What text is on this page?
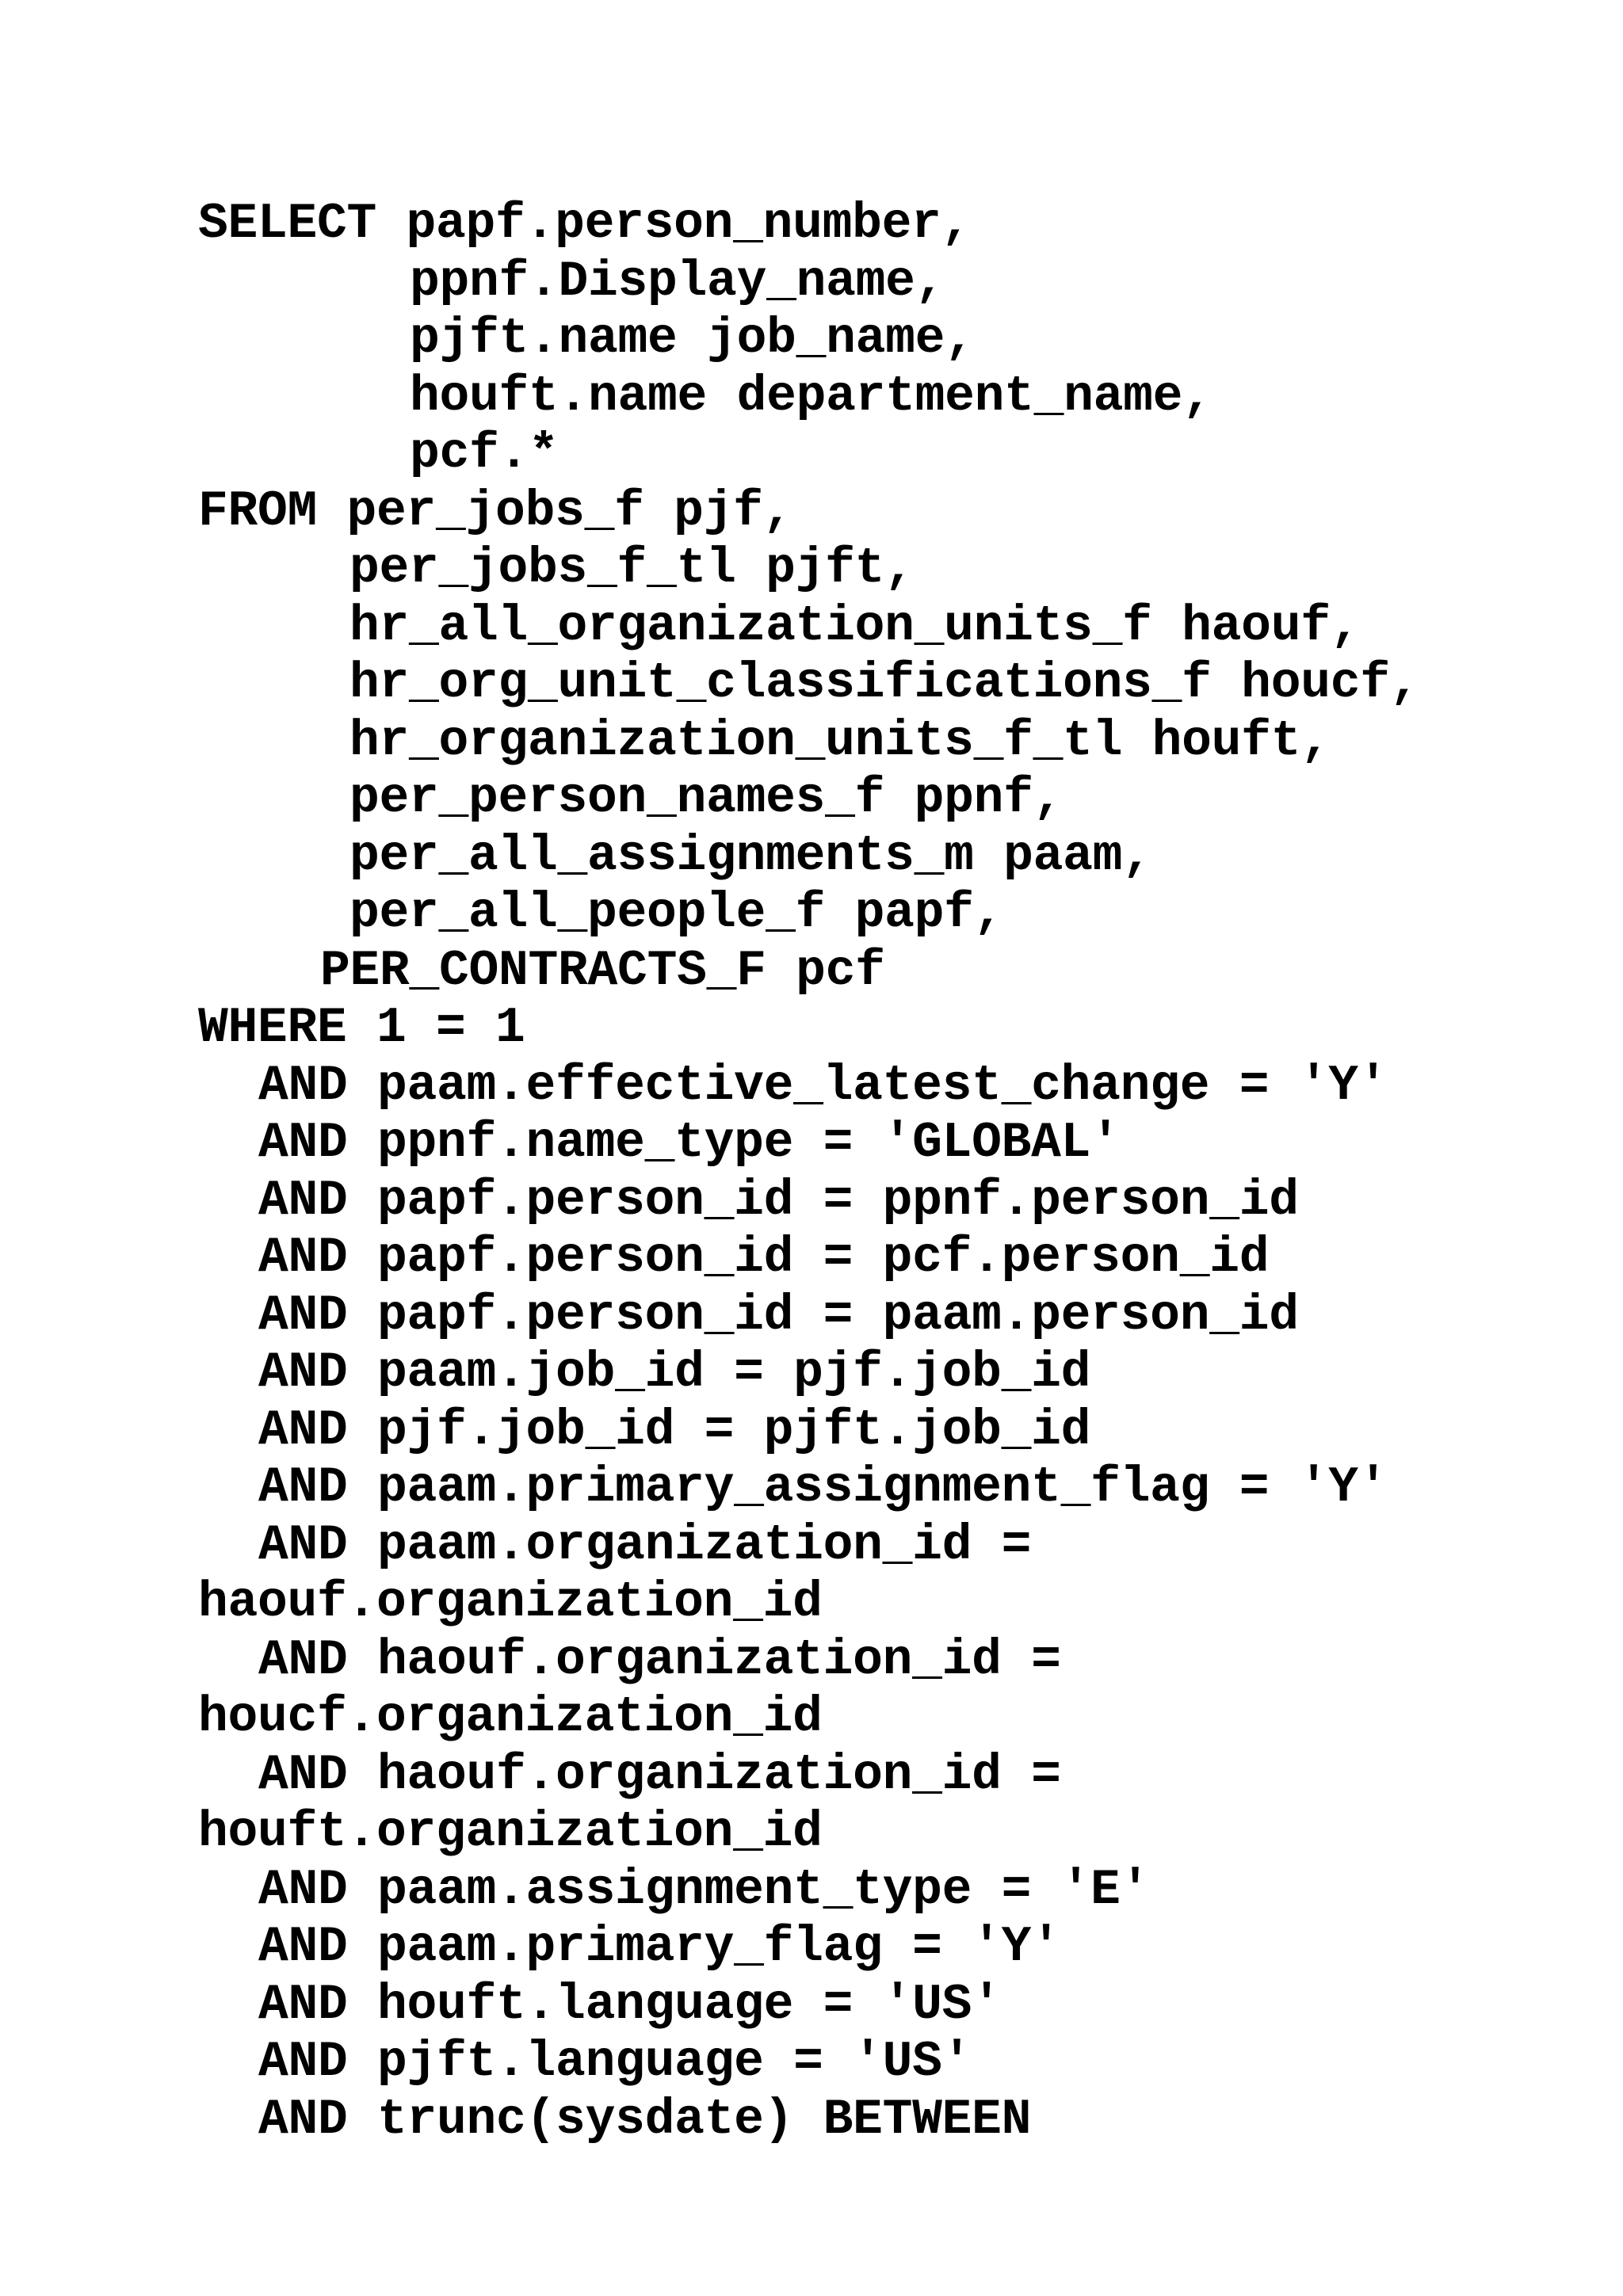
SELECT papf.person_number,
ppnf.Display_name,
pjft.name job_name,
houft.name department_name,
pcf.*
FROM per_jobs_f pjf,
per_jobs_f_tl pjft,
hr_all_organization_units_f haouf,
hr_org_unit_classifications_f houcf,
hr_organization_units_f_tl houft,
per_person_names_f ppnf,
per_all_assignments_m paam,
per_all_people_f papf,
PER_CONTRACTS_F pcf
WHERE 1 = 1
AND paam.effective_latest_change = 'Y'
AND ppnf.name_type = 'GLOBAL'
AND papf.person_id = ppnf.person_id
AND papf.person_id = pcf.person_id
AND papf.person_id = paam.person_id
AND paam.job_id = pjf.job_id
AND pjf.job_id = pjft.job_id
AND paam.primary_assignment_flag = 'Y'
AND paam.organization_id =
haouf.organization_id
AND haouf.organization_id =
houcf.organization_id
AND haouf.organization_id =
houft.organization_id
AND paam.assignment_type = 'E'
AND paam.primary_flag = 'Y'
AND houft.language = 'US'
AND pjft.language = 'US'
AND trunc(sysdate) BETWEEN
